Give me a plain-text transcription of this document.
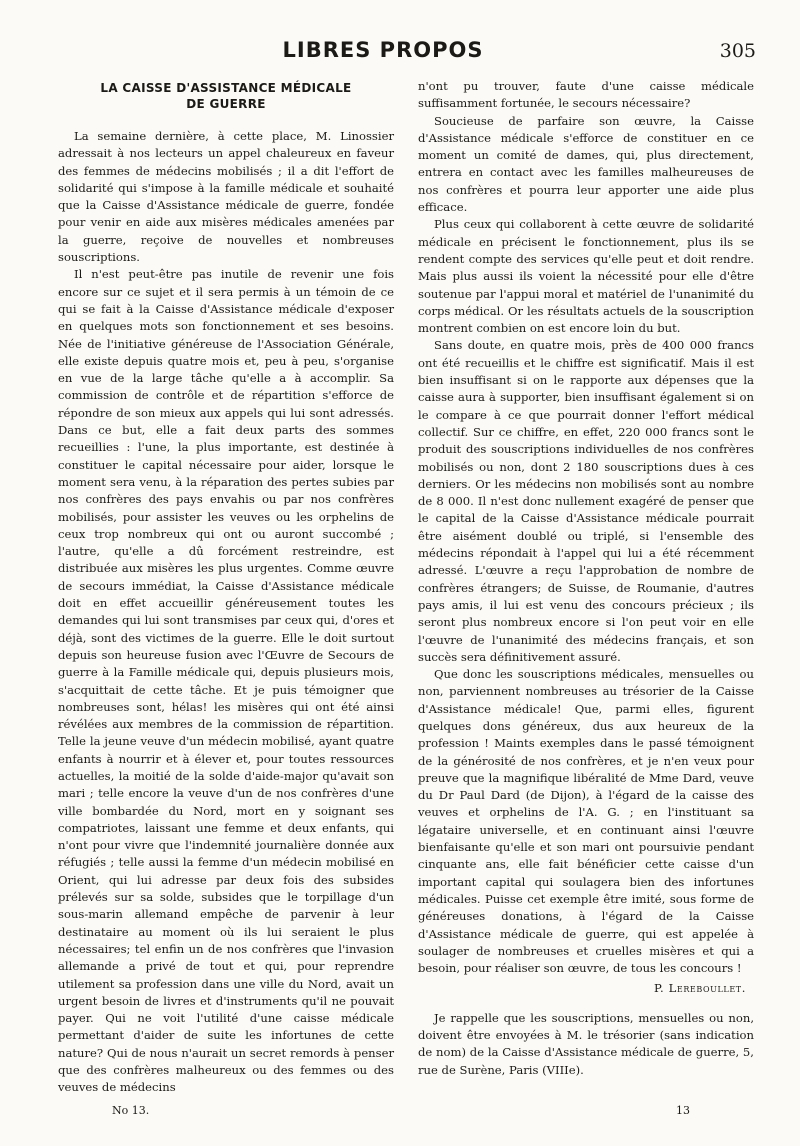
LIBRES PROPOS	305
LA CAISSE D'ASSISTANCE MÉDICALE
DE GUERRE

La semaine dernière, à cette place, M. Linossier adressait à nos lecteurs un appel chaleureux en faveur des femmes de médecins mobilisés ; il a dit l'effort de solidarité qui s'impose à la famille médicale et souhaité que la Caisse d'Assistance médicale de guerre, fondée pour venir en aide aux misères médicales amenées par la guerre, reçoive de nouvelles et nombreuses souscriptions.

Il n'est peut-être pas inutile de revenir une fois encore sur ce sujet et il sera permis à un témoin de ce qui se fait à la Caisse d'Assistance médicale d'exposer en quelques mots son fonctionnement et ses besoins. Née de l'initiative généreuse de l'Association Générale, elle existe depuis quatre mois et, peu à peu, s'organise en vue de la large tâche qu'elle a à accomplir. Sa commission de contrôle et de répartition s'efforce de répondre de son mieux aux appels qui lui sont adressés. Dans ce but, elle a fait deux parts des sommes recueillies : l'une, la plus importante, est destinée à constituer le capital nécessaire pour aider, lorsque le moment sera venu, à la réparation des pertes subies par nos confrères des pays envahis ou par nos confrères mobilisés, pour assister les veuves ou les orphelins de ceux trop nombreux qui ont ou auront succombé ; l'autre, qu'elle a dû forcément restreindre, est distribuée aux misères les plus urgentes. Comme œuvre de secours immédiat, la Caisse d'Assistance médicale doit en effet accueillir généreusement toutes les demandes qui lui sont transmises par ceux qui, d'ores et déjà, sont des victimes de la guerre. Elle le doit surtout depuis son heureuse fusion avec l'Œuvre de Secours de guerre à la Famille médicale qui, depuis plusieurs mois, s'acquittait de cette tâche. Et je puis témoigner que nombreuses sont, hélas! les misères qui ont été ainsi révélées aux membres de la commission de répartition. Telle la jeune veuve d'un médecin mobilisé, ayant quatre enfants à nourrir et à élever et, pour toutes ressources actuelles, la moitié de la solde d'aide-major qu'avait son mari ; telle encore la veuve d'un de nos confrères d'une ville bombardée du Nord, mort en y soignant ses compatriotes, laissant une femme et deux enfants, qui n'ont pour vivre que l'indemnité journalière donnée aux réfugiés ; telle aussi la femme d'un médecin mobilisé en Orient, qui lui adresse par deux fois des subsides prélevés sur sa solde, subsides que le torpillage d'un sous-marin allemand empêche de parvenir à leur destinataire au moment où ils lui seraient le plus nécessaires; tel enfin un de nos confrères que l'invasion allemande a privé de tout et qui, pour reprendre utilement sa profession dans une ville du Nord, avait un urgent besoin de livres et d'instruments qu'il ne pouvait payer. Qui ne voit l'utilité d'une caisse médicale permettant d'aider de suite les infortunes de cette nature? Qui de nous n'aurait un secret remords à penser que des confrères malheureux ou des femmes ou des veuves de médecins

n'ont pu trouver, faute d'une caisse médicale suffisamment fortunée, le secours nécessaire?

Soucieuse de parfaire son œuvre, la Caisse d'Assistance médicale s'efforce de constituer en ce moment un comité de dames, qui, plus directement, entrera en contact avec les familles malheureuses de nos confrères et pourra leur apporter une aide plus efficace.

Plus ceux qui collaborent à cette œuvre de solidarité médicale en précisent le fonctionnement, plus ils se rendent compte des services qu'elle peut et doit rendre. Mais plus aussi ils voient la nécessité pour elle d'être soutenue par l'appui moral et matériel de l'unanimité du corps médical. Or les résultats actuels de la souscription montrent combien on est encore loin du but.

Sans doute, en quatre mois, près de 400 000 francs ont été recueillis et le chiffre est significatif. Mais il est bien insuffisant si on le rapporte aux dépenses que la caisse aura à supporter, bien insuffisant également si on le compare à ce que pourrait donner l'effort médical collectif. Sur ce chiffre, en effet, 220 000 francs sont le produit des souscriptions individuelles de nos confrères mobilisés ou non, dont 2 180 souscriptions dues à ces derniers. Or les médecins non mobilisés sont au nombre de 8 000. Il n'est donc nullement exagéré de penser que le capital de la Caisse d'Assistance médicale pourrait être aisément doublé ou triplé, si l'ensemble des médecins répondait à l'appel qui lui a été récemment adressé. L'œuvre a reçu l'approbation de nombre de confrères étrangers; de Suisse, de Roumanie, d'autres pays amis, il lui est venu des concours précieux ; ils seront plus nombreux encore si l'on peut voir en elle l'œuvre de l'unanimité des médecins français, et son succès sera définitivement assuré.

Que donc les souscriptions médicales, mensuelles ou non, parviennent nombreuses au trésorier de la Caisse d'Assistance médicale! Que, parmi elles, figurent quelques dons généreux, dus aux heureux de la profession ! Maints exemples dans le passé témoignent de la générosité de nos confrères, et je n'en veux pour preuve que la magnifique libéralité de Mme Dard, veuve du Dr Paul Dard (de Dijon), à l'égard de la caisse des veuves et orphelins de l'A. G. ; en l'instituant sa légataire universelle, et en continuant ainsi l'œuvre bienfaisante qu'elle et son mari ont poursuivie pendant cinquante ans, elle fait bénéficier cette caisse d'un important capital qui soulagera bien des infortunes médicales. Puisse cet exemple être imité, sous forme de généreuses donations, à l'égard de la Caisse d'Assistance médicale de guerre, qui est appelée à soulager de nombreuses et cruelles misères et qui a besoin, pour réaliser son œuvre, de tous les concours !

P. Lereboullet.

Je rappelle que les souscriptions, mensuelles ou non, doivent être envoyées à M. le trésorier (sans indication de nom) de la Caisse d'Assistance médicale de guerre, 5, rue de Surène, Paris (VIIIe).

No 13.	13
